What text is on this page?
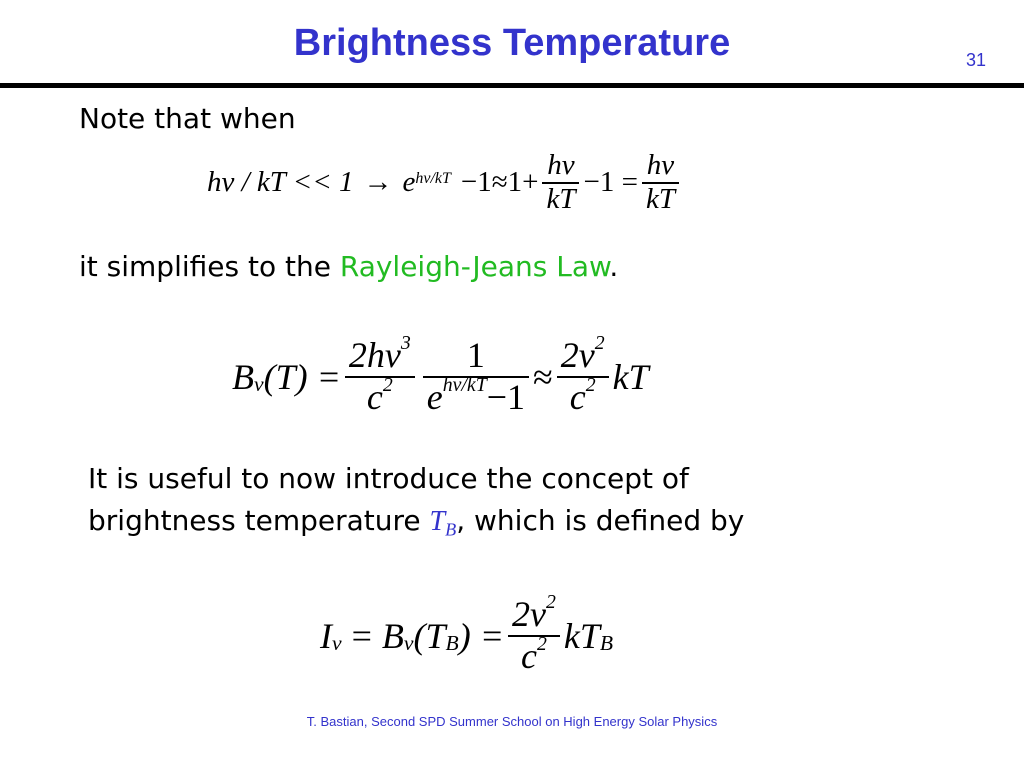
Brightness Temperature	31
Note that when
hν / kT << 1 → e $h\nu/kT -1 \approx 1+ \frac{h\nu}{kT} -1 = \frac{h\nu}{kT}$
it simplifies to the Rayleigh-Jeans Law.
B ν $(T) = \frac{2h\nu^3}{c^2} \frac{1}{e^{h\nu/kT}-1} \approx \frac{2\nu^2}{c^2}$ kT
It is useful to now introduce the concept of
brightness temperature $T_B$, which is defined by
I ν = B ν (T B ) = $\frac{2\nu^2}{c^2}$ kT B
T. Bastian, Second SPD Summer School on High Energy Solar Physics
